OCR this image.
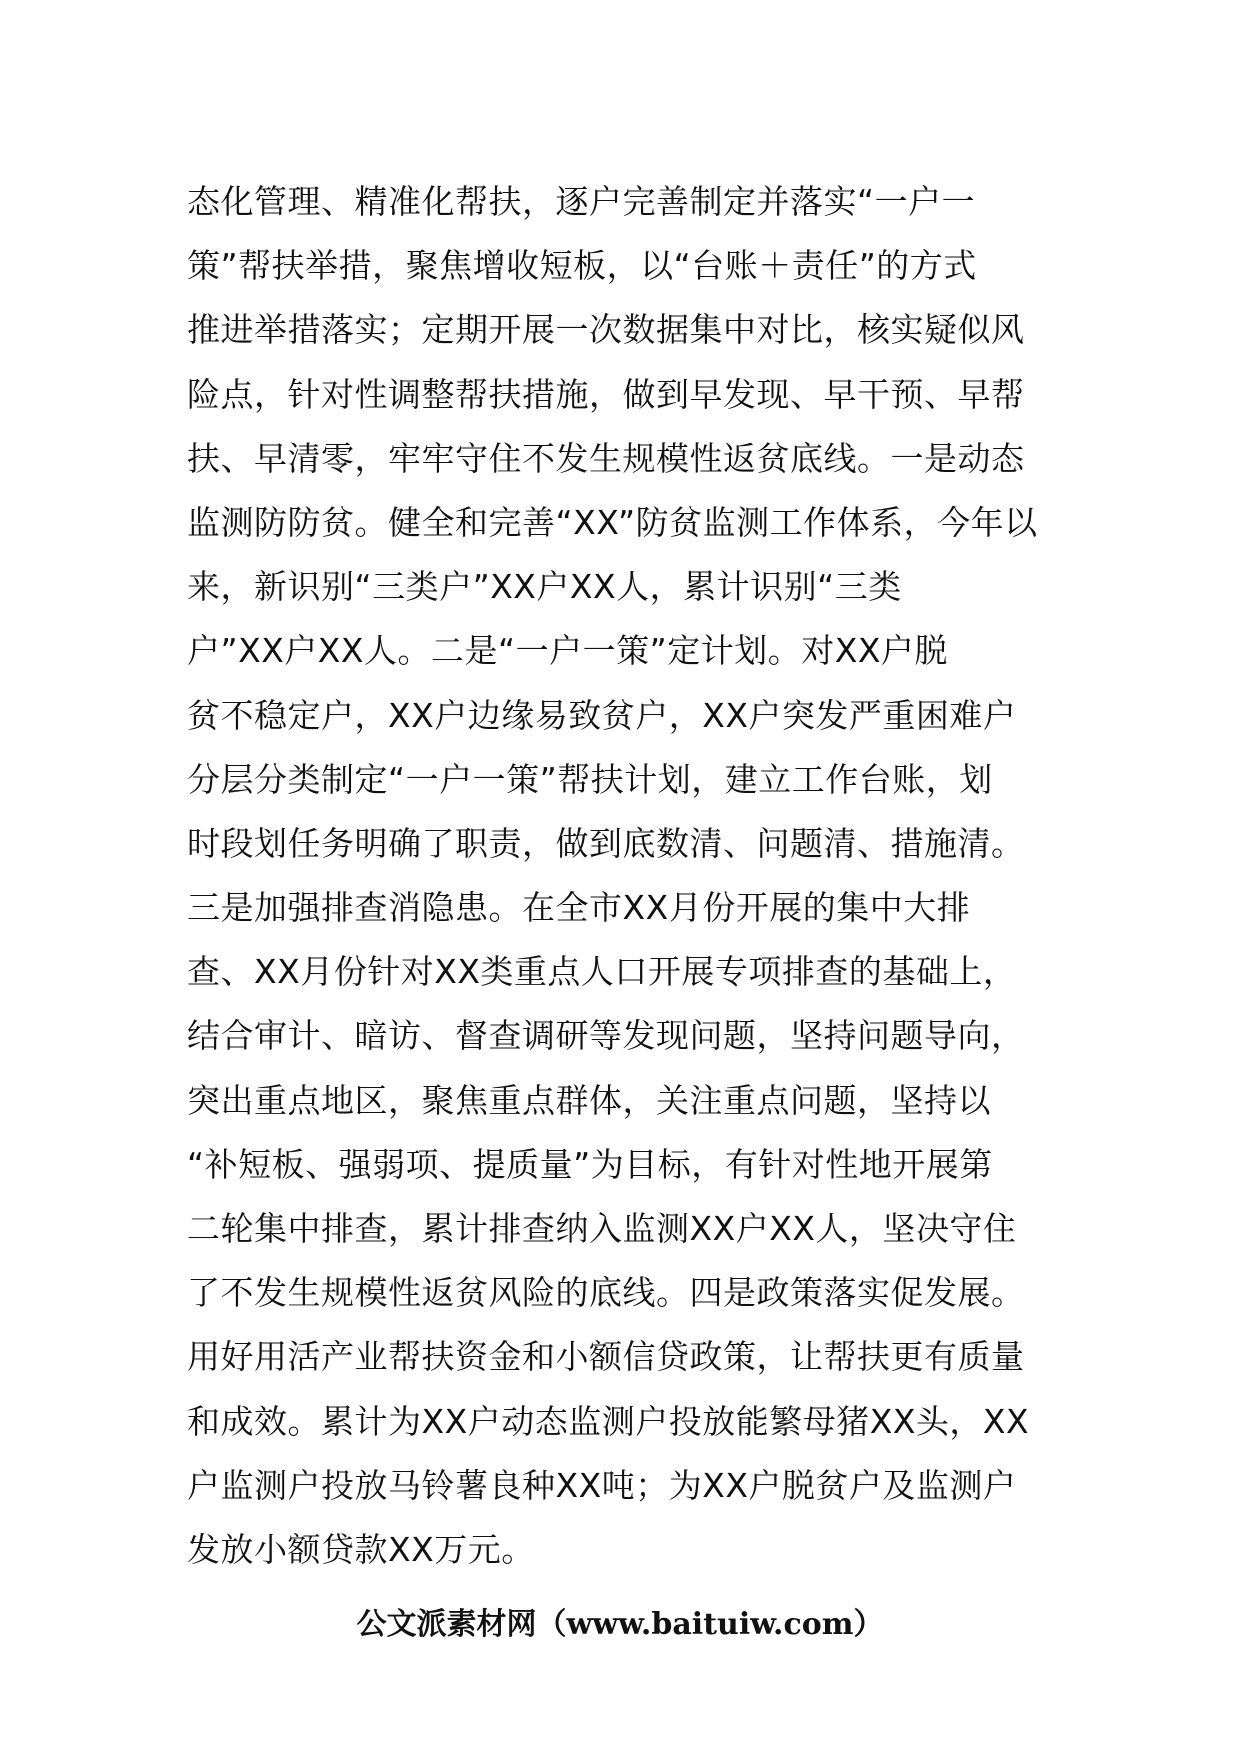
态化管理、精准化帮扶，逐户完善制定并落实“一户一
策”帮扶举措，聚焦增收短板，以“台账＋责任”的方式
推进举措落实；定期开展一次数据集中对比，核实疑似风
险点，针对性调整帮扶措施，做到早发现、早干预、早帮
扶、早清零，牢牢守住不发生规模性返贫底线。一是动态
监测防防贫。健全和完善“XX”防贫监测工作体系，今年以
来，新识别“三类户”XX户XX人，累计识别“三类
户”XX户XX人。二是“一户一策”定计划。对XX户脱
贫不稳定户，XX户边缘易致贫户，XX户突发严重困难户
分层分类制定“一户一策”帮扶计划，建立工作台账，划
时段划任务明确了职责，做到底数清、问题清、措施清。
三是加强排查消隐患。在全市XX月份开展的集中大排
查、XX月份针对XX类重点人口开展专项排查的基础上，
结合审计、暗访、督查调研等发现问题，坚持问题导向，
突出重点地区，聚焦重点群体，关注重点问题，坚持以
“补短板、强弱项、提质量”为目标，有针对性地开展第
二轮集中排查，累计排查纳入监测XX户XX人，坚决守住
了不发生规模性返贫风险的底线。四是政策落实促发展。
用好用活产业帮扶资金和小额信贷政策，让帮扶更有质量
和成效。累计为XX户动态监测户投放能繁母猪XX头，XX
户监测户投放马铃薯良种XX吨；为XX户脱贫户及监测户
发放小额贷款XX万元。
公文派素材网（www.baituiw.com）
